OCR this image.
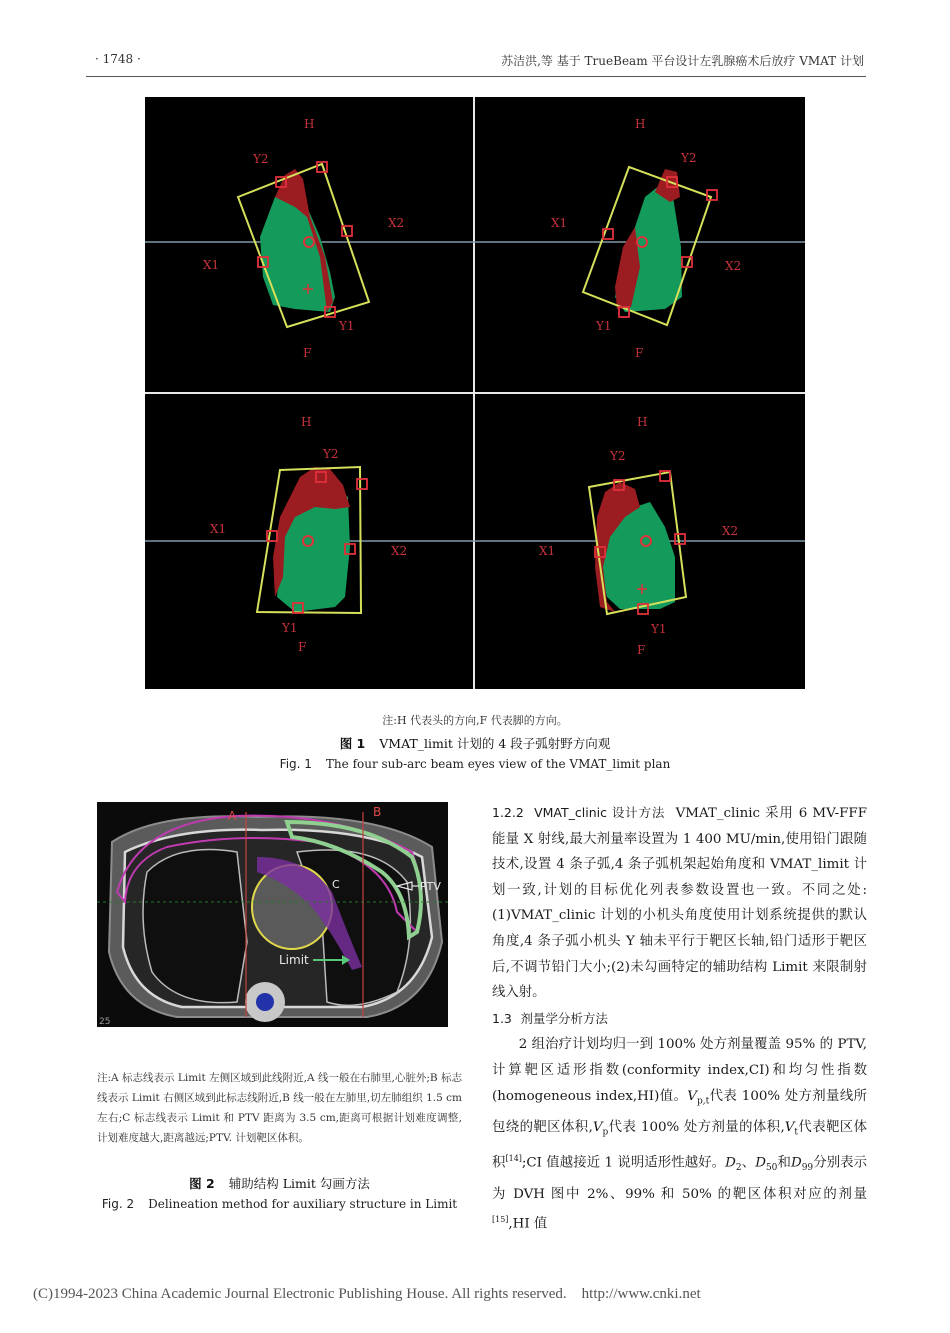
· 1748 ·	苏洁洪,等 基于 TrueBeam 平台设计左乳腺癌术后放疗 VMAT 计划
H
Y2
X2
X1
Y1
F
H
Y2
X1
X2
Y1
F
H
Y2
X1
X2
Y1
F
H
Y2
X2
X1
Y1
F
注:H 代表头的方向,F 代表脚的方向。
图 1 VMAT_limit 计划的 4 段子弧射野方向观
Fig. 1 The four sub-arc beam eyes view of the VMAT_limit plan
A	B
C	PTV
Limit
25
注:A 标志线表示 Limit 左侧区域到此线附近,A 线一般在右肺里,心脏外;B 标志线表示 Limit 右侧区域到此标志线附近,B 线一般在左肺里,切左肺组织 1.5 cm 左右;C 标志线表示 Limit 和 PTV 距离为 3.5 cm,距离可根据计划难度调整,计划难度越大,距离越远;PTV. 计划靶区体积。
图 2 辅助结构 Limit 勾画方法
Fig. 2 Delineation method for auxiliary structure in Limit

1.2.2 VMAT_clinic 设计方法 VMAT_clinic 采用 6 MV-FFF 能量 X 射线,最大剂量率设置为 1 400 MU/min,使用铅门跟随技术,设置 4 条子弧,4 条子弧机架起始角度和 VMAT_limit 计划一致,计划的目标优化列表参数设置也一致。不同之处:(1)VMAT_clinic 计划的小机头角度使用计划系统提供的默认角度,4 条子弧小机头 Y 轴未平行于靶区长轴,铅门适形于靶区后,不调节铅门大小;(2)未勾画特定的辅助结构 Limit 来限制射线入射。

1.3 剂量学分析方法

2 组治疗计划均归一到 100% 处方剂量覆盖 95% 的 PTV,计算靶区适形指数(conformity index,CI)和均匀性指数(homogeneous index,HI)值。$V_{p,t}$代表 100% 处方剂量线所包绕的靶区体积$,V_p$代表 100% 处方剂量的体积$,V_t$代表靶区体积[14];CI 值越接近 1 说明适形性越好。$D_2$、$D_{50}$和$D_{99}$分别表示为 DVH 图中 2%、99% 和 50% 的靶区体积对应的剂量[15],HI 值

(C)1994-2023 China Academic Journal Electronic Publishing House. All rights reserved. http://www.cnki.net
